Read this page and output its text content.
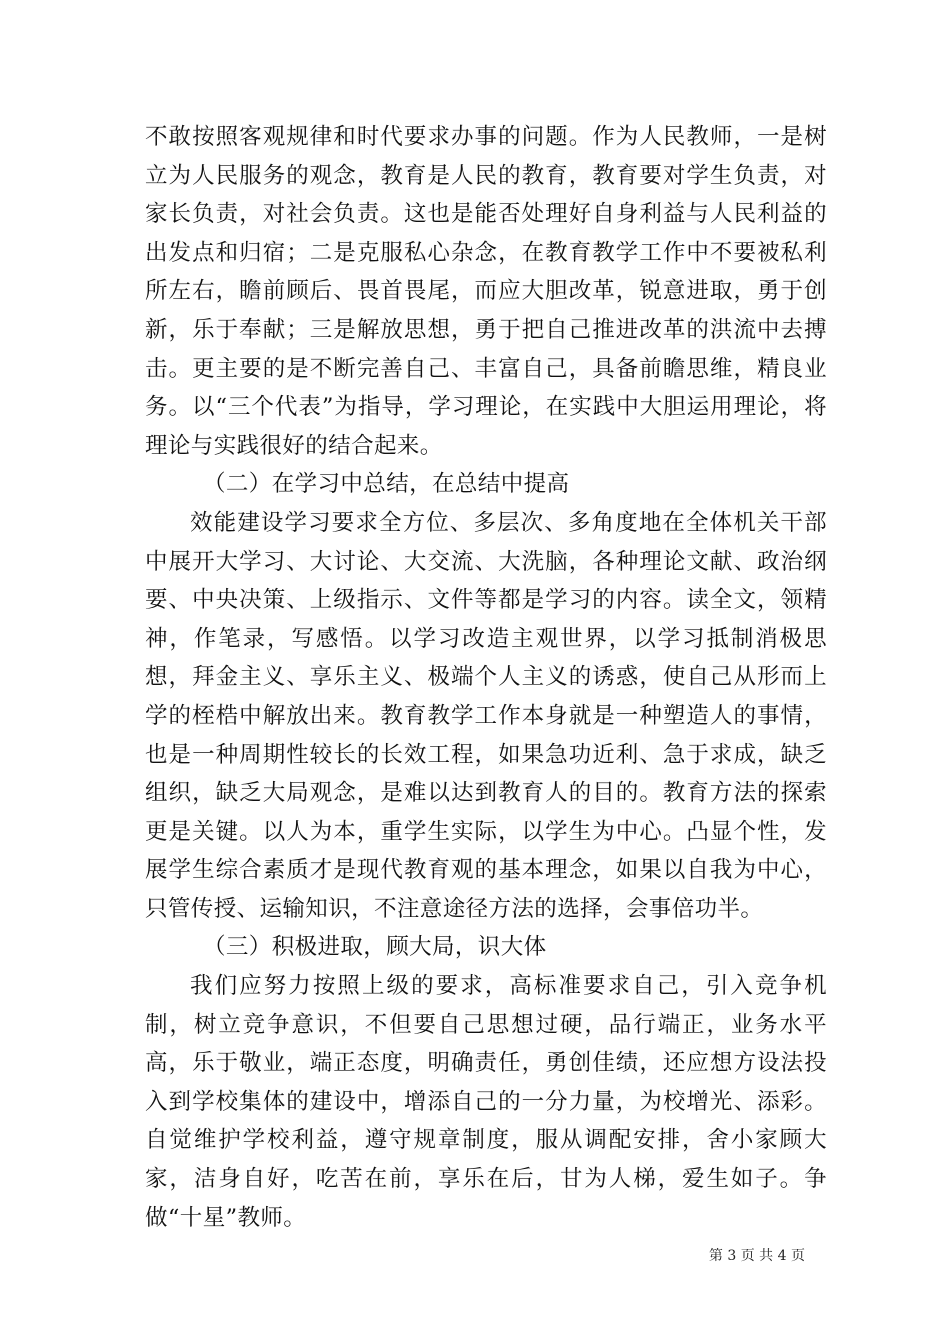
不敢按照客观规律和时代要求办事的问题。作为人民教师，一是树立为人民服务的观念，教育是人民的教育，教育要对学生负责，对家长负责，对社会负责。这也是能否处理好自身利益与人民利益的出发点和归宿；二是克服私心杂念，在教育教学工作中不要被私利所左右，瞻前顾后、畏首畏尾，而应大胆改革，锐意进取，勇于创新，乐于奉献；三是解放思想，勇于把自己推进改革的洪流中去搏击。更主要的是不断完善自己、丰富自己，具备前瞻思维，精良业务。以“三个代表”为指导，学习理论，在实践中大胆运用理论，将理论与实践很好的结合起来。

（二）在学习中总结，在总结中提高

效能建设学习要求全方位、多层次、多角度地在全体机关干部中展开大学习、大讨论、大交流、大洗脑，各种理论文献、政治纲要、中央决策、上级指示、文件等都是学习的内容。读全文，领精神，作笔录，写感悟。以学习改造主观世界，以学习抵制消极思想，拜金主义、享乐主义、极端个人主义的诱惑，使自己从形而上学的桎梏中解放出来。教育教学工作本身就是一种塑造人的事情，也是一种周期性较长的长效工程，如果急功近利、急于求成，缺乏组织，缺乏大局观念，是难以达到教育人的目的。教育方法的探索更是关键。以人为本，重学生实际，以学生为中心。凸显个性，发展学生综合素质才是现代教育观的基本理念，如果以自我为中心，只管传授、运输知识，不注意途径方法的选择，会事倍功半。

（三）积极进取，顾大局，识大体

我们应努力按照上级的要求，高标准要求自己，引入竞争机制，树立竞争意识，不但要自己思想过硬，品行端正，业务水平高，乐于敬业，端正态度，明确责任，勇创佳绩，还应想方设法投入到学校集体的建设中，增添自己的一分力量，为校增光、添彩。自觉维护学校利益，遵守规章制度，服从调配安排，舍小家顾大家，洁身自好，吃苦在前，享乐在后，甘为人梯，爱生如子。争做“十星”教师。

第 3 页 共 4 页
